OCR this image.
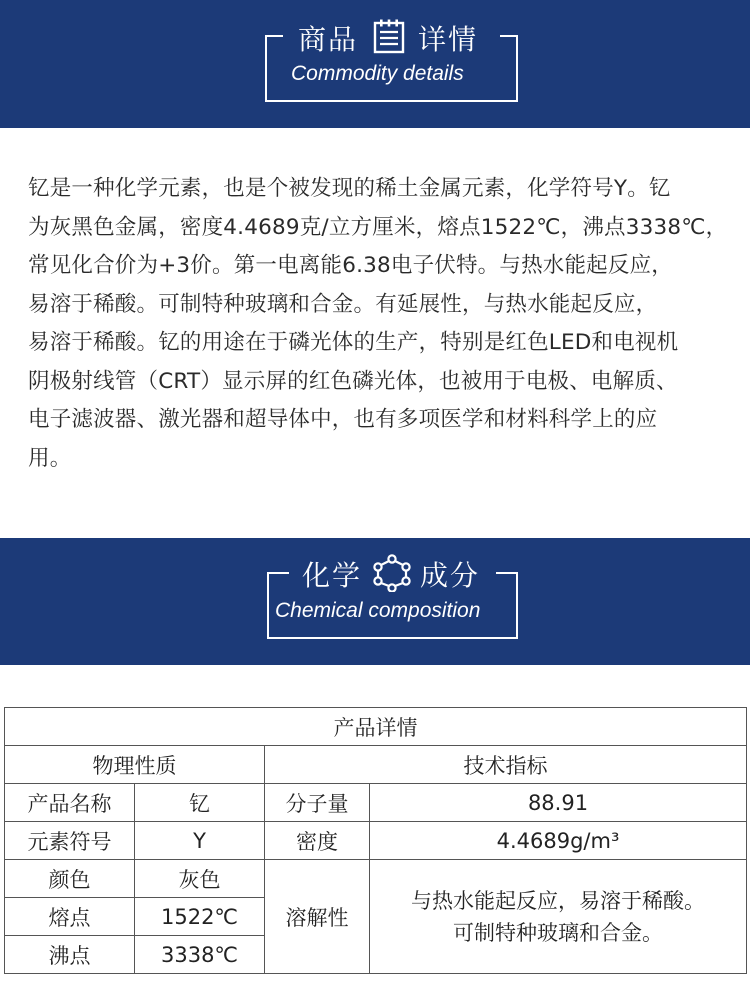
商品 详情
Commodity details
钇是一种化学元素，也是个被发现的稀土金属元素，化学符号Y。钇
为灰黑色金属，密度4.4689克/立方厘米，熔点1522℃，沸点3338℃，
常见化合价为+3价。第一电离能6.38电子伏特。与热水能起反应，
易溶于稀酸。可制特种玻璃和合金。有延展性，与热水能起反应，
易溶于稀酸。钇的用途在于磷光体的生产，特别是红色LED和电视机
阴极射线管（CRT）显示屏的红色磷光体，也被用于电极、电解质、
电子滤波器、激光器和超导体中，也有多项医学和材料科学上的应
用。
化学 成分
Chemical composition
产品详情			
物理性质		技术指标	
产品名称	钇	分子量	88.91
元素符号	Y	密度	4.4689g/m³
颜色	灰色	溶解性	与热水能起反应，易溶于稀酸。
可制特种玻璃和合金。

熔点	1522℃		
沸点	3338℃		
